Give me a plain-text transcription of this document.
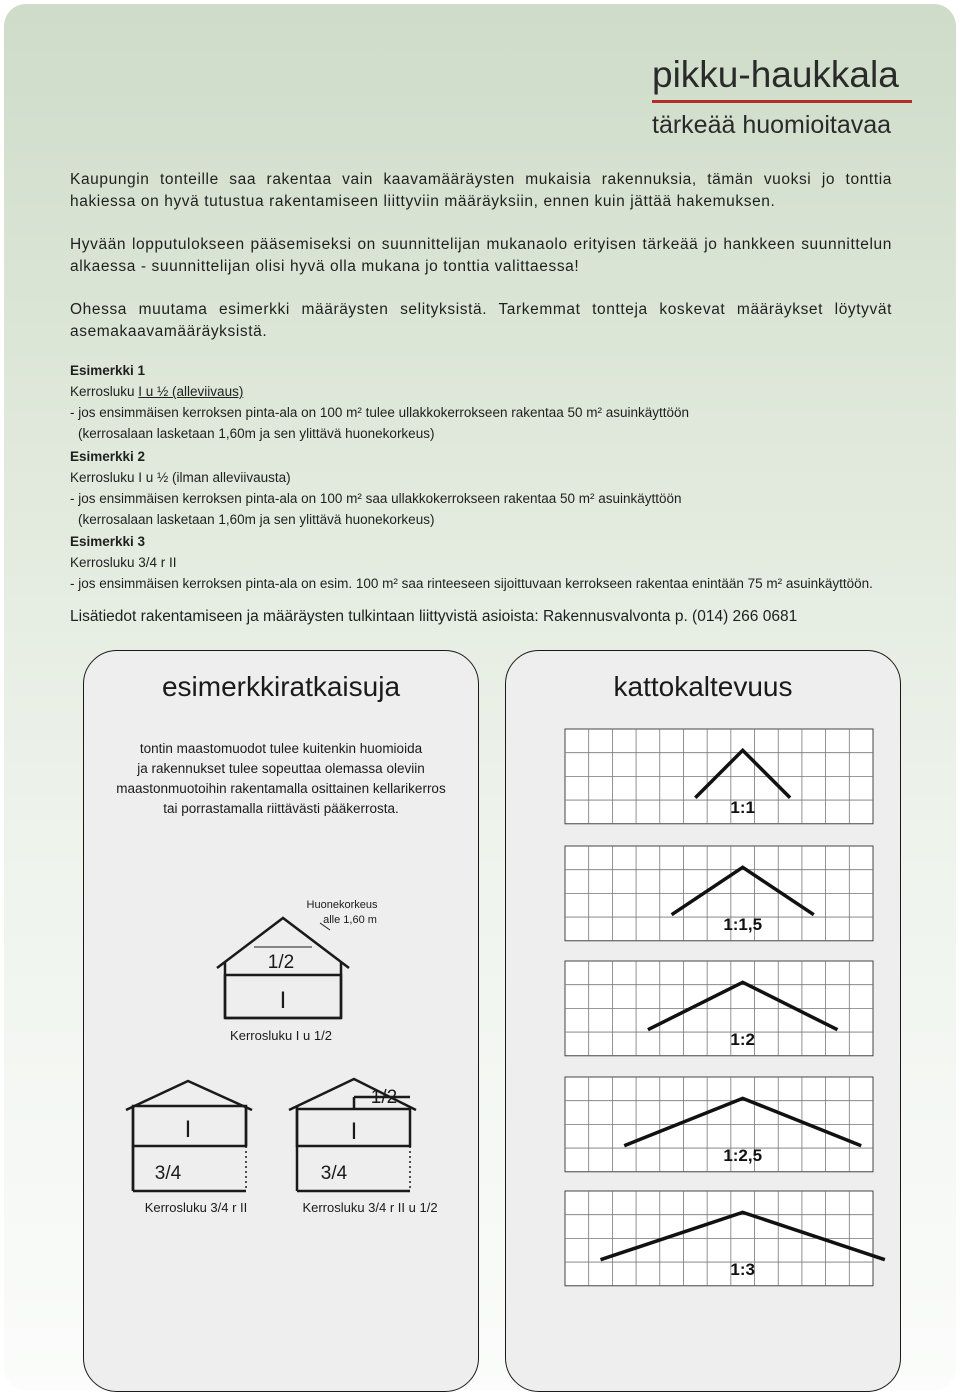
pikku-haukkala
tärkeää huomioitavaa
Kaupungin tonteille saa rakentaa vain kaavamääräysten mukaisia rakennuksia, tämän vuoksi jo tonttia hakiessa on hyvä tutustua rakentamiseen liittyviin määräyksiin, ennen kuin jättää hakemuksen.
Hyvään lopputulokseen pääsemiseksi on suunnittelijan mukanaolo erityisen tärkeää jo hankkeen suunnittelun alkaessa - suunnittelijan olisi hyvä olla mukana jo tonttia valittaessa!
Ohessa muutama esimerkki määräysten selityksistä. Tarkemmat tontteja koskevat määräykset löytyvät asemakaavamääräyksistä.
Esimerkki 1
Kerrosluku I u ½ (alleviivaus)
- jos ensimmäisen kerroksen pinta-ala on 100 m² tulee ullakkokerrokseen rakentaa 50 m² asuinkäyttöön
(kerrosalaan lasketaan 1,60m ja sen ylittävä huonekorkeus)
Esimerkki 2
Kerrosluku I u ½ (ilman alleviivausta)
- jos ensimmäisen kerroksen pinta-ala on 100 m² saa ullakkokerrokseen rakentaa 50 m² asuinkäyttöön
(kerrosalaan lasketaan 1,60m ja sen ylittävä huonekorkeus)
Esimerkki 3
Kerrosluku 3/4 r II
- jos ensimmäisen kerroksen pinta-ala on esim. 100 m² saa rinteeseen sijoittuvaan kerrokseen rakentaa enintään 75 m² asuinkäyttöön.
Lisätiedot rakentamiseen ja määräysten tulkintaan liittyvistä asioista: Rakennusvalvonta p. (014) 266 0681
esimerkkiratkaisuja
tontin maastomuodot tulee kuitenkin huomioida
ja rakennukset tulee sopeuttaa olemassa oleviin
maastonmuotoihin rakentamalla osittainen kellarikerros
tai porrastamalla riittävästi pääkerrosta.
Huonekorkeus
alle 1,60 m
1/2
I
Kerrosluku I u 1/2
I
3/4
Kerrosluku 3/4 r II
1/2
I
3/4
Kerrosluku 3/4 r II u 1/2
kattokaltevuus
1:1
1:1,5
1:2
1:2,5
1:3
